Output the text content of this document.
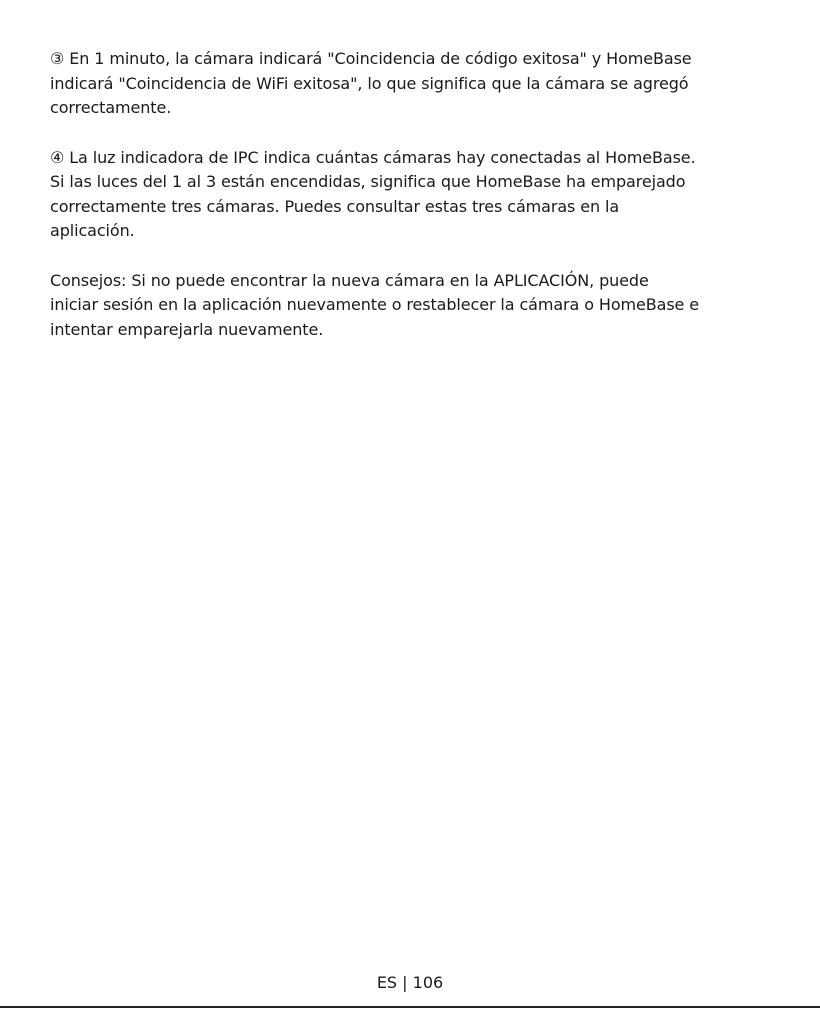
③ En 1 minuto, la cámara indicará "Coincidencia de código exitosa" y HomeBase
indicará "Coincidencia de WiFi exitosa", lo que significa que la cámara se agregó
correctamente.

④ La luz indicadora de IPC indica cuántas cámaras hay conectadas al HomeBase.
Si las luces del 1 al 3 están encendidas, significa que HomeBase ha emparejado
correctamente tres cámaras. Puedes consultar estas tres cámaras en la
aplicación.

Consejos: Si no puede encontrar la nueva cámara en la APLICACIÓN, puede
iniciar sesión en la aplicación nuevamente o restablecer la cámara o HomeBase e
intentar emparejarla nuevamente.

ES | 106
